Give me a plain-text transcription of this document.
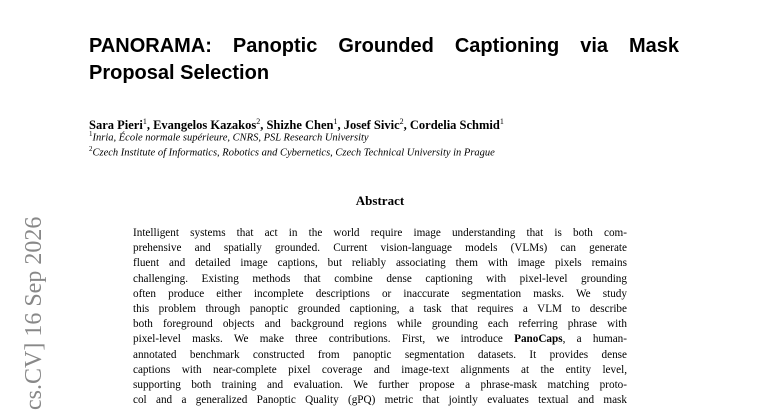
PANORAMA: Panoptic Grounded Captioning via Mask Proposal Selection
Sara Pieri$^1$, Evangelos Kazakos$^2$, Shizhe Chen$^1$, Josef Sivic$^2$, Cordelia Schmid$^1$
$^1$Inria, École normale supérieure, CNRS, PSL Research University
$^2$Czech Institute of Informatics, Robotics and Cybernetics, Czech Technical University in Prague
Abstract
Intelligent systems that act in the world require image understanding that is both com-
prehensive and spatially grounded. Current vision-language models (VLMs) can generate
fluent and detailed image captions, but reliably associating them with image pixels remains
challenging. Existing methods that combine dense captioning with pixel-level grounding
often produce either incomplete descriptions or inaccurate segmentation masks. We study
this problem through panoptic grounded captioning, a task that requires a VLM to describe
both foreground objects and background regions while grounding each referring phrase with
pixel-level masks. We make three contributions. First, we introduce PanoCaps, a human-
annotated benchmark constructed from panoptic segmentation datasets. It provides dense
captions with near-complete pixel coverage and image-text alignments at the entity level,
supporting both training and evaluation. We further propose a phrase-mask matching proto-
col and a generalized Panoptic Quality (gPQ) metric that jointly evaluates textual and mask
cs.CV] 16 Sep 2026
